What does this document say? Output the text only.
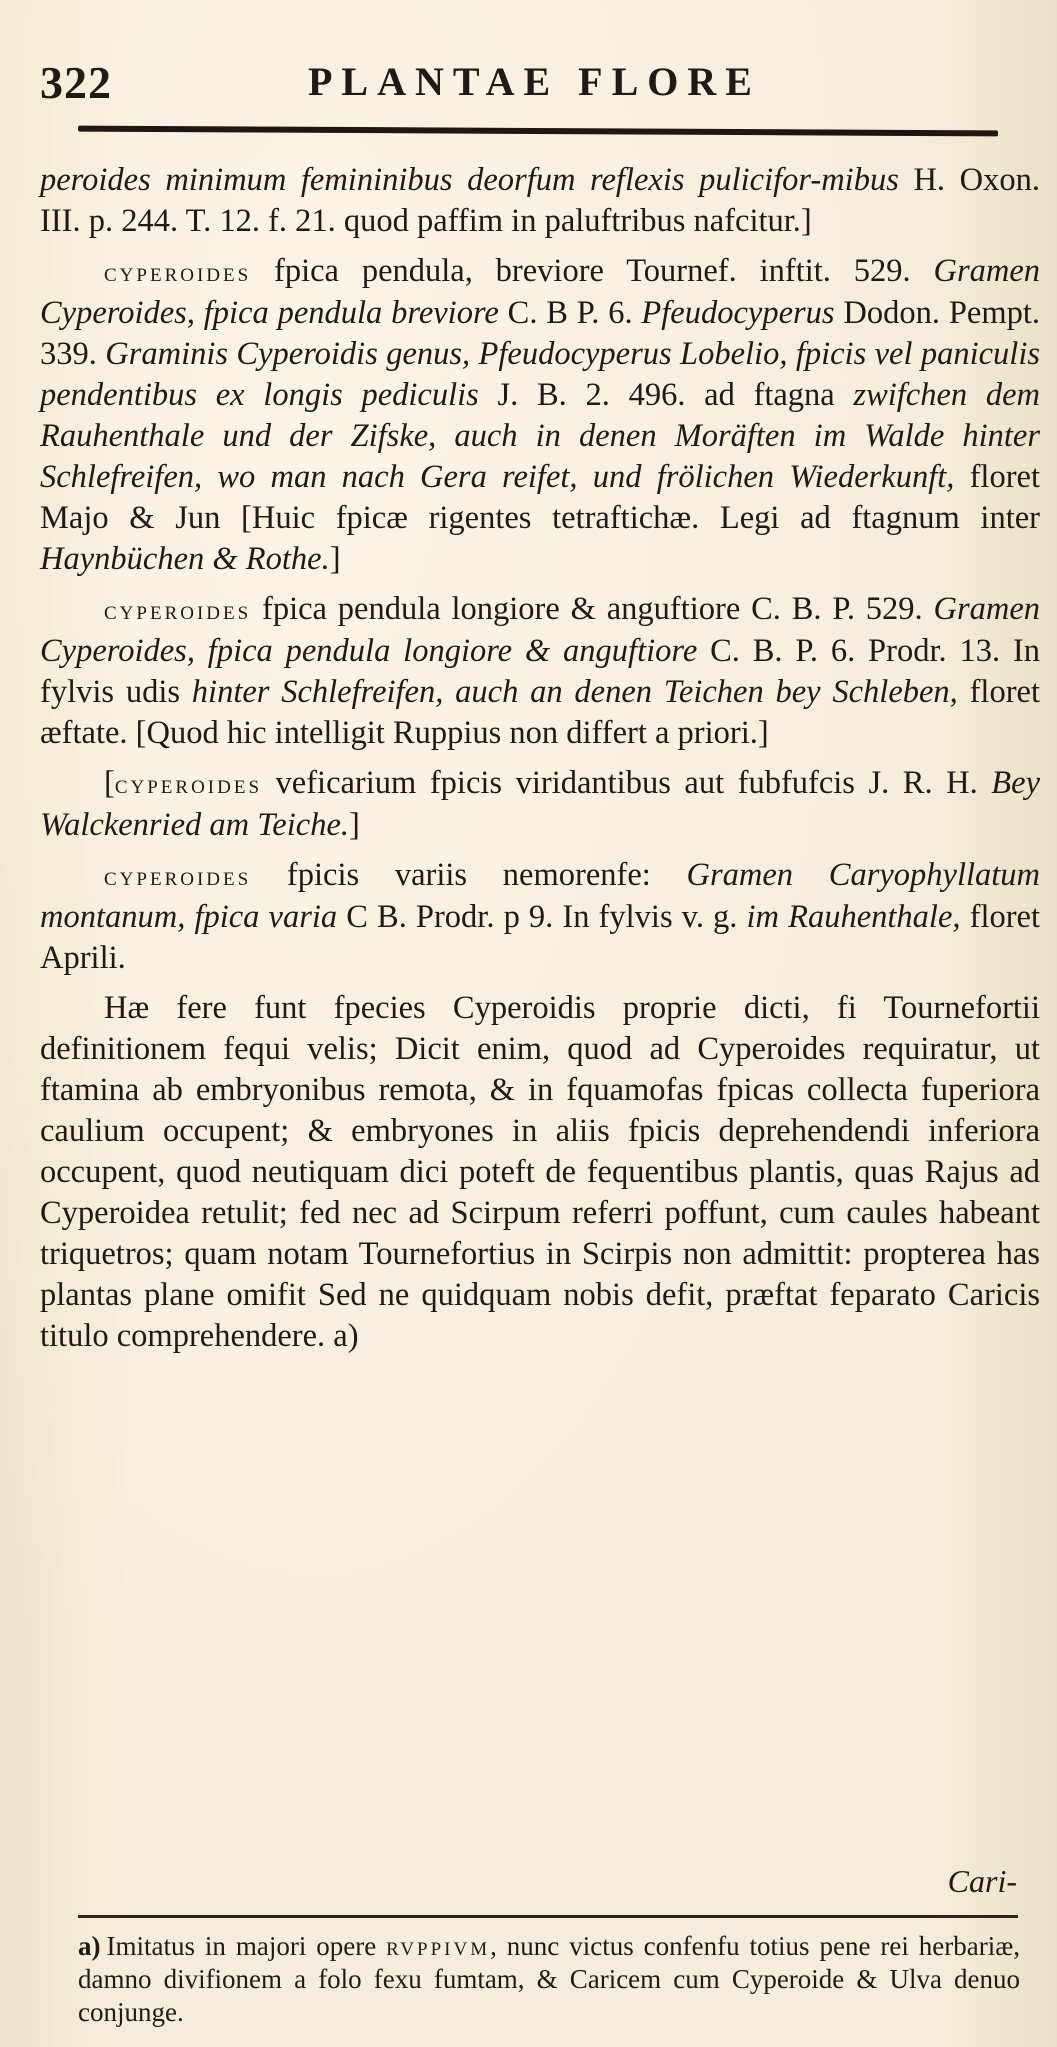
322	PLANTAE FLORE

peroides minimum femininibus deorfum reflexis pulicifor-mibus H. Oxon. III. p. 244. T. 12. f. 21. quod paffim in paluftribus nafcitur.]

cyperoides fpica pendula, breviore Tournef. inftit. 529. Gramen Cyperoides, fpica pendula breviore C. B P. 6. Pfeudocyperus Dodon. Pempt. 339. Graminis Cyperoidis genus, Pfeudocyperus Lobelio, fpicis vel paniculis pendentibus ex longis pediculis J. B. 2. 496. ad ftagna zwifchen dem Rauhenthale und der Zifske, auch in denen Moräften im Walde hinter Schlefreifen, wo man nach Gera reifet, und frölichen Wiederkunft, floret Majo & Jun [Huic fpicæ rigentes tetraftichæ. Legi ad ftagnum inter Haynbüchen & Rothe.]

cyperoides fpica pendula longiore & anguftiore C. B. P. 529. Gramen Cyperoides, fpica pendula longiore & anguftiore C. B. P. 6. Prodr. 13. In fylvis udis hinter Schlefreifen, auch an denen Teichen bey Schleben, floret æftate. [Quod hic intelligit Ruppius non differt a priori.]

[cyperoides veficarium fpicis viridantibus aut fubfufcis J. R. H. Bey Walckenried am Teiche.]

cyperoides fpicis variis nemorenfe: Gramen Caryophyllatum montanum, fpica varia C B. Prodr. p 9. In fylvis v. g. im Rauhenthale, floret Aprili.

Hæ fere funt fpecies Cyperoidis proprie dicti, fi Tournefortii definitionem fequi velis; Dicit enim, quod ad Cyperoides requiratur, ut ftamina ab embryonibus remota, & in fquamofas fpicas collecta fuperiora caulium occupent; & embryones in aliis fpicis deprehendendi inferiora occupent, quod neutiquam dici poteft de fequentibus plantis, quas Rajus ad Cyperoidea retulit; fed nec ad Scirpum referri poffunt, cum caules habeant triquetros; quam notam Tournefortius in Scirpis non admittit: propterea has plantas plane omifit Sed ne quidquam nobis defit, præftat feparato Caricis titulo comprehendere. a)

Cari-
a) Imitatus in majori opere rvppivm, nunc victus confenfu totius pene rei herbariæ, damno divifionem a folo fexu fumtam, & Caricem cum Cyperoide & Ulva denuo conjunge.
